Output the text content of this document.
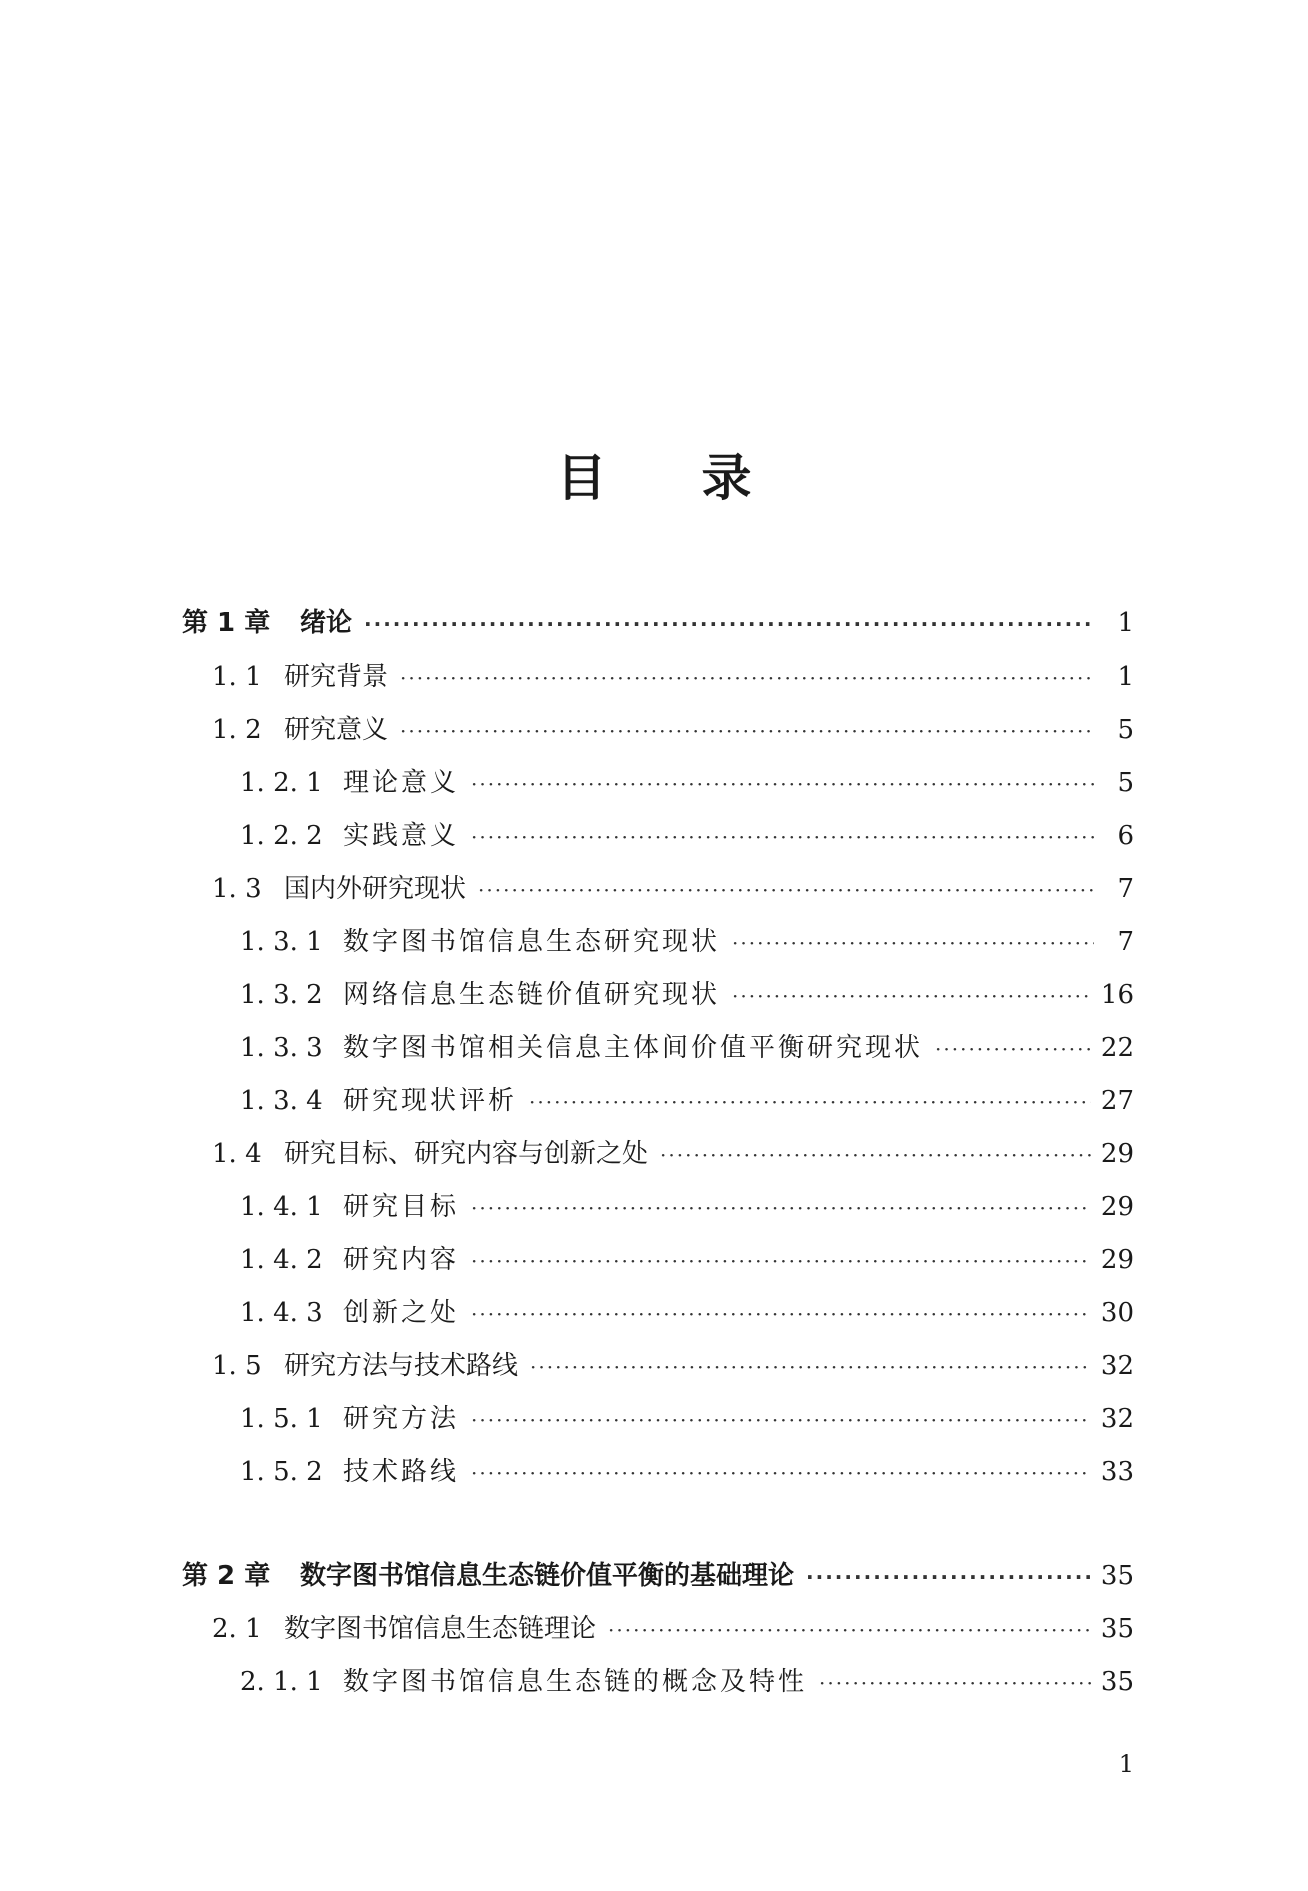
目 录
第 1 章	绪论 ·····	1
1. 1 研究背景 ·····	1
1. 2 研究意义 ·····	5
1. 2. 1 理论意义 ·····	5
1. 2. 2 实践意义 ·····	6
1. 3 国内外研究现状 ·····	7
1. 3. 1 数字图书馆信息生态研究现状 ·····	7
1. 3. 2 网络信息生态链价值研究现状 ·····	16
1. 3. 3 数字图书馆相关信息主体间价值平衡研究现状 ·····	22
1. 3. 4 研究现状评析 ·····	27
1. 4 研究目标、研究内容与创新之处 ·····	29
1. 4. 1 研究目标 ·····	29
1. 4. 2 研究内容 ·····	29
1. 4. 3 创新之处 ·····	30
1. 5 研究方法与技术路线 ·····	32
1. 5. 1 研究方法 ·····	32
1. 5. 2 技术路线 ·····	33
第 2 章	数字图书馆信息生态链价值平衡的基础理论 ·····	35
2. 1 数字图书馆信息生态链理论 ·····	35
2. 1. 1 数字图书馆信息生态链的概念及特性 ·····	35
1
